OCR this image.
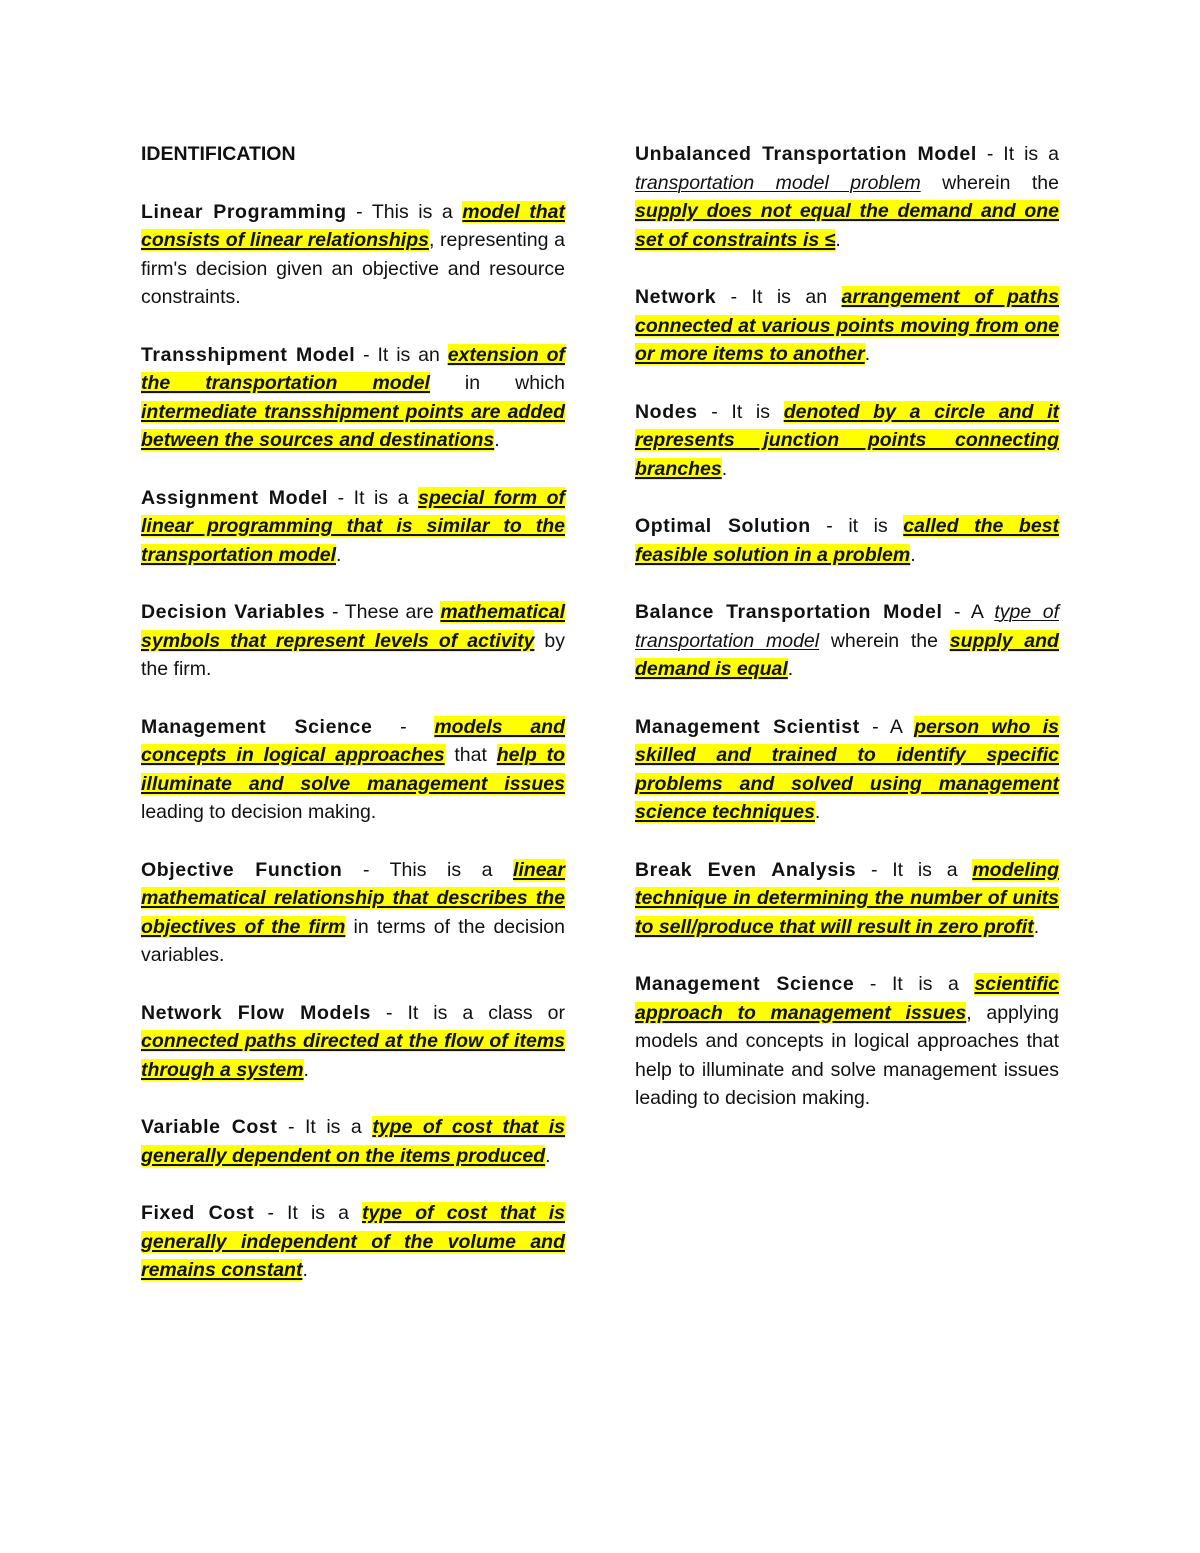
IDENTIFICATION
Linear Programming - This is a model that consists of linear relationships, representing a firm's decision given an objective and resource constraints.
Transshipment Model - It is an extension of the transportation model in which intermediate transshipment points are added between the sources and destinations.
Assignment Model - It is a special form of linear programming that is similar to the transportation model.
Decision Variables - These are mathematical symbols that represent levels of activity by the firm.
Management Science - models and concepts in logical approaches that help to illuminate and solve management issues leading to decision making.
Objective Function - This is a linear mathematical relationship that describes the objectives of the firm in terms of the decision variables.
Network Flow Models - It is a class or connected paths directed at the flow of items through a system.
Variable Cost - It is a type of cost that is generally dependent on the items produced.
Fixed Cost - It is a type of cost that is generally independent of the volume and remains constant.
Unbalanced Transportation Model - It is a transportation model problem wherein the supply does not equal the demand and one set of constraints is ≤.
Network - It is an arrangement of paths connected at various points moving from one or more items to another.
Nodes - It is denoted by a circle and it represents junction points connecting branches.
Optimal Solution - it is called the best feasible solution in a problem.
Balance Transportation Model - A type of transportation model wherein the supply and demand is equal.
Management Scientist - A person who is skilled and trained to identify specific problems and solved using management science techniques.
Break Even Analysis - It is a modeling technique in determining the number of units to sell/produce that will result in zero profit.
Management Science - It is a scientific approach to management issues, applying models and concepts in logical approaches that help to illuminate and solve management issues leading to decision making.
